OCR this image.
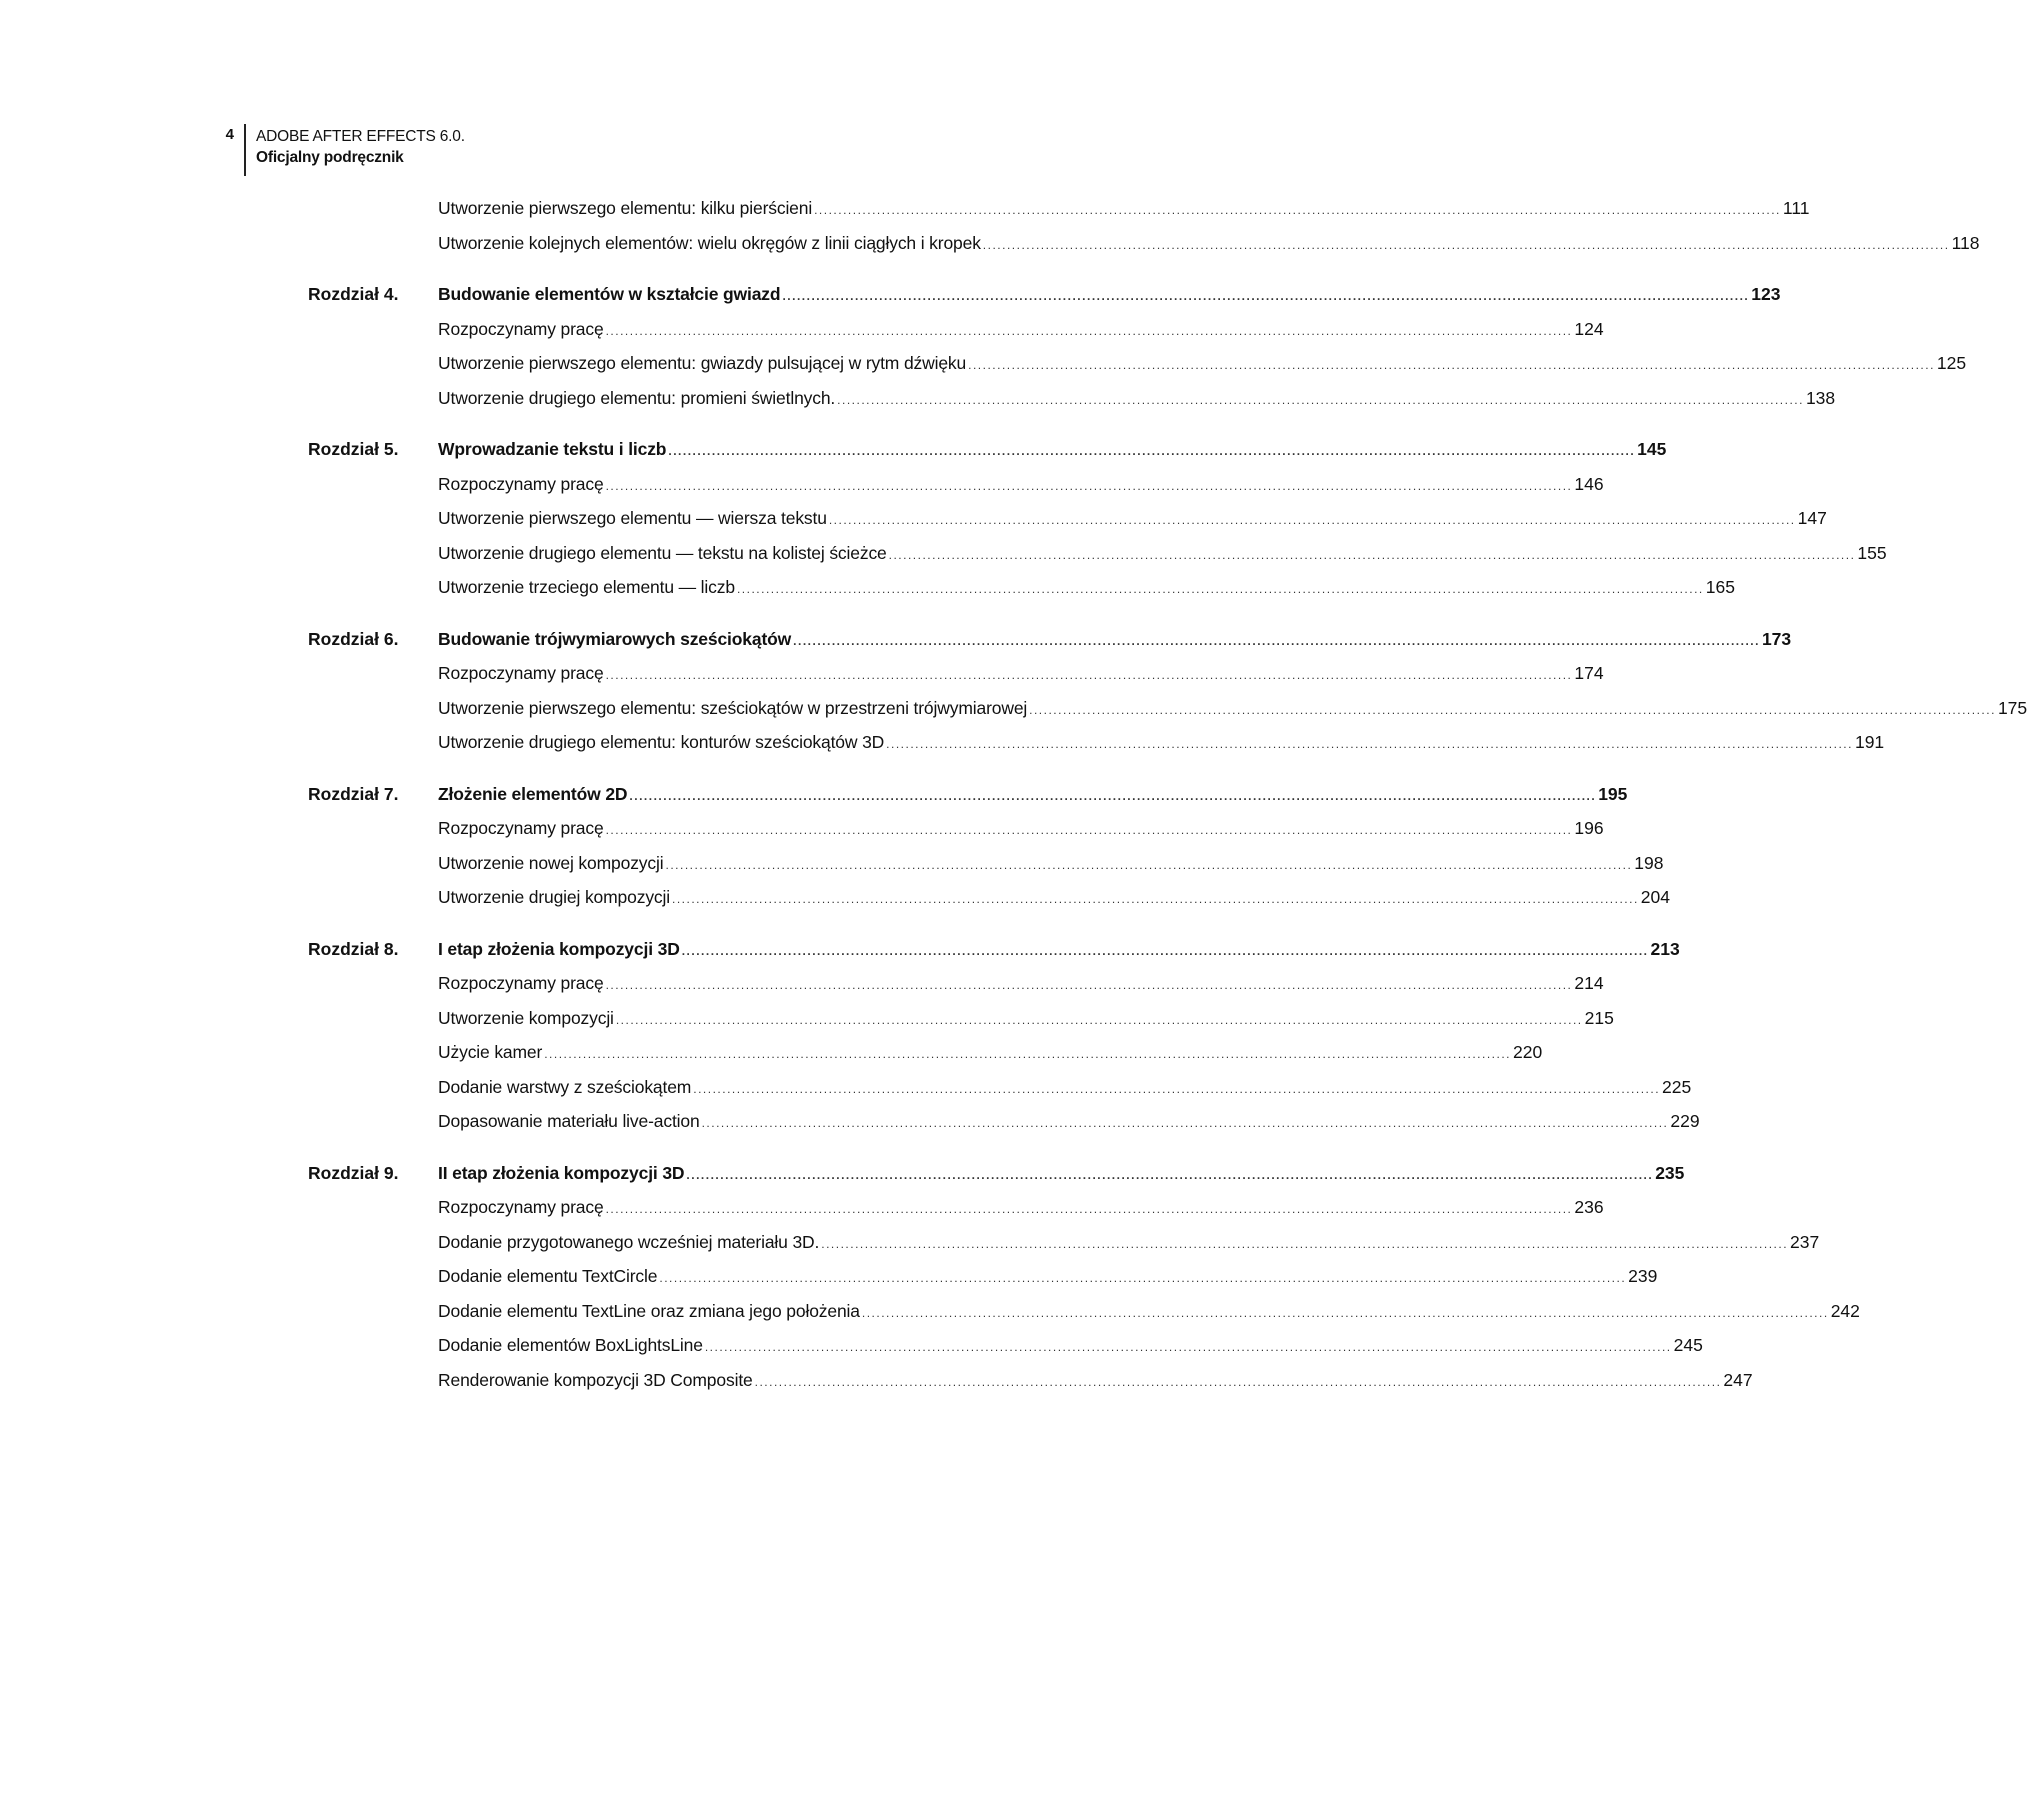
4 ADOBE AFTER EFFECTS 6.0.
Oficjalny podręcznik
Utworzenie pierwszego elementu: kilku pierścieni ........................................................................................................................................................................................................ 111
Utworzenie kolejnych elementów: wielu okręgów z linii ciągłych i kropek ........................................................................................................................................................................................................ 118
Rozdział 4. Budowanie elementów w kształcie gwiazd ........................................................................................................................................................................................................ 123
Rozpoczynamy pracę ........................................................................................................................................................................................................ 124
Utworzenie pierwszego elementu: gwiazdy pulsującej w rytm dźwięku ........................................................................................................................................................................................................ 125
Utworzenie drugiego elementu: promieni świetlnych. ........................................................................................................................................................................................................ 138
Rozdział 5. Wprowadzanie tekstu i liczb ........................................................................................................................................................................................................ 145
Rozpoczynamy pracę ........................................................................................................................................................................................................ 146
Utworzenie pierwszego elementu — wiersza tekstu ........................................................................................................................................................................................................ 147
Utworzenie drugiego elementu — tekstu na kolistej ścieżce ........................................................................................................................................................................................................ 155
Utworzenie trzeciego elementu — liczb ........................................................................................................................................................................................................ 165
Rozdział 6. Budowanie trójwymiarowych sześciokątów ........................................................................................................................................................................................................ 173
Rozpoczynamy pracę ........................................................................................................................................................................................................ 174
Utworzenie pierwszego elementu: sześciokątów w przestrzeni trójwymiarowej ........................................................................................................................................................................................................ 175
Utworzenie drugiego elementu: konturów sześciokątów 3D ........................................................................................................................................................................................................ 191
Rozdział 7. Złożenie elementów 2D ........................................................................................................................................................................................................ 195
Rozpoczynamy pracę ........................................................................................................................................................................................................ 196
Utworzenie nowej kompozycji ........................................................................................................................................................................................................ 198
Utworzenie drugiej kompozycji ........................................................................................................................................................................................................ 204
Rozdział 8. I etap złożenia kompozycji 3D ........................................................................................................................................................................................................ 213
Rozpoczynamy pracę ........................................................................................................................................................................................................ 214
Utworzenie kompozycji ........................................................................................................................................................................................................ 215
Użycie kamer ........................................................................................................................................................................................................ 220
Dodanie warstwy z sześciokątem ........................................................................................................................................................................................................ 225
Dopasowanie materiału live-action ........................................................................................................................................................................................................ 229
Rozdział 9. II etap złożenia kompozycji 3D ........................................................................................................................................................................................................ 235
Rozpoczynamy pracę ........................................................................................................................................................................................................ 236
Dodanie przygotowanego wcześniej materiału 3D. ........................................................................................................................................................................................................ 237
Dodanie elementu TextCircle ........................................................................................................................................................................................................ 239
Dodanie elementu TextLine oraz zmiana jego położenia ........................................................................................................................................................................................................ 242
Dodanie elementów BoxLightsLine ........................................................................................................................................................................................................ 245
Renderowanie kompozycji 3D Composite ........................................................................................................................................................................................................ 247
